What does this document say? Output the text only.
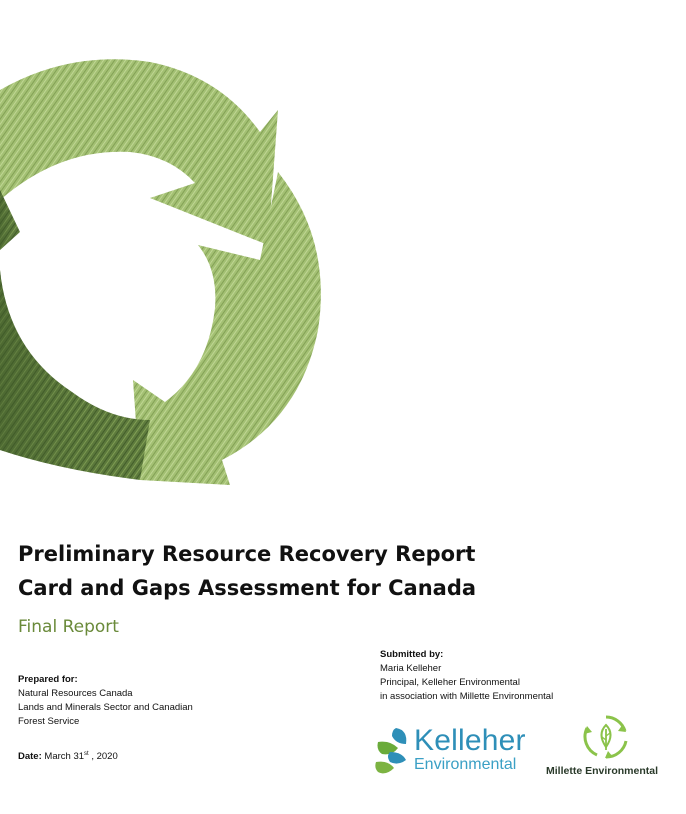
Preliminary Resource Recovery Report
Card and Gaps Assessment for Canada
Final Report
Prepared for:
Natural Resources Canada
Lands and Minerals Sector and Canadian
Forest Service
Date: March 31st , 2020
Submitted by:
Maria Kelleher
Principal, Kelleher Environmental
in association with Millette Environmental
Kelleher
Environmental	Millette Environmental
